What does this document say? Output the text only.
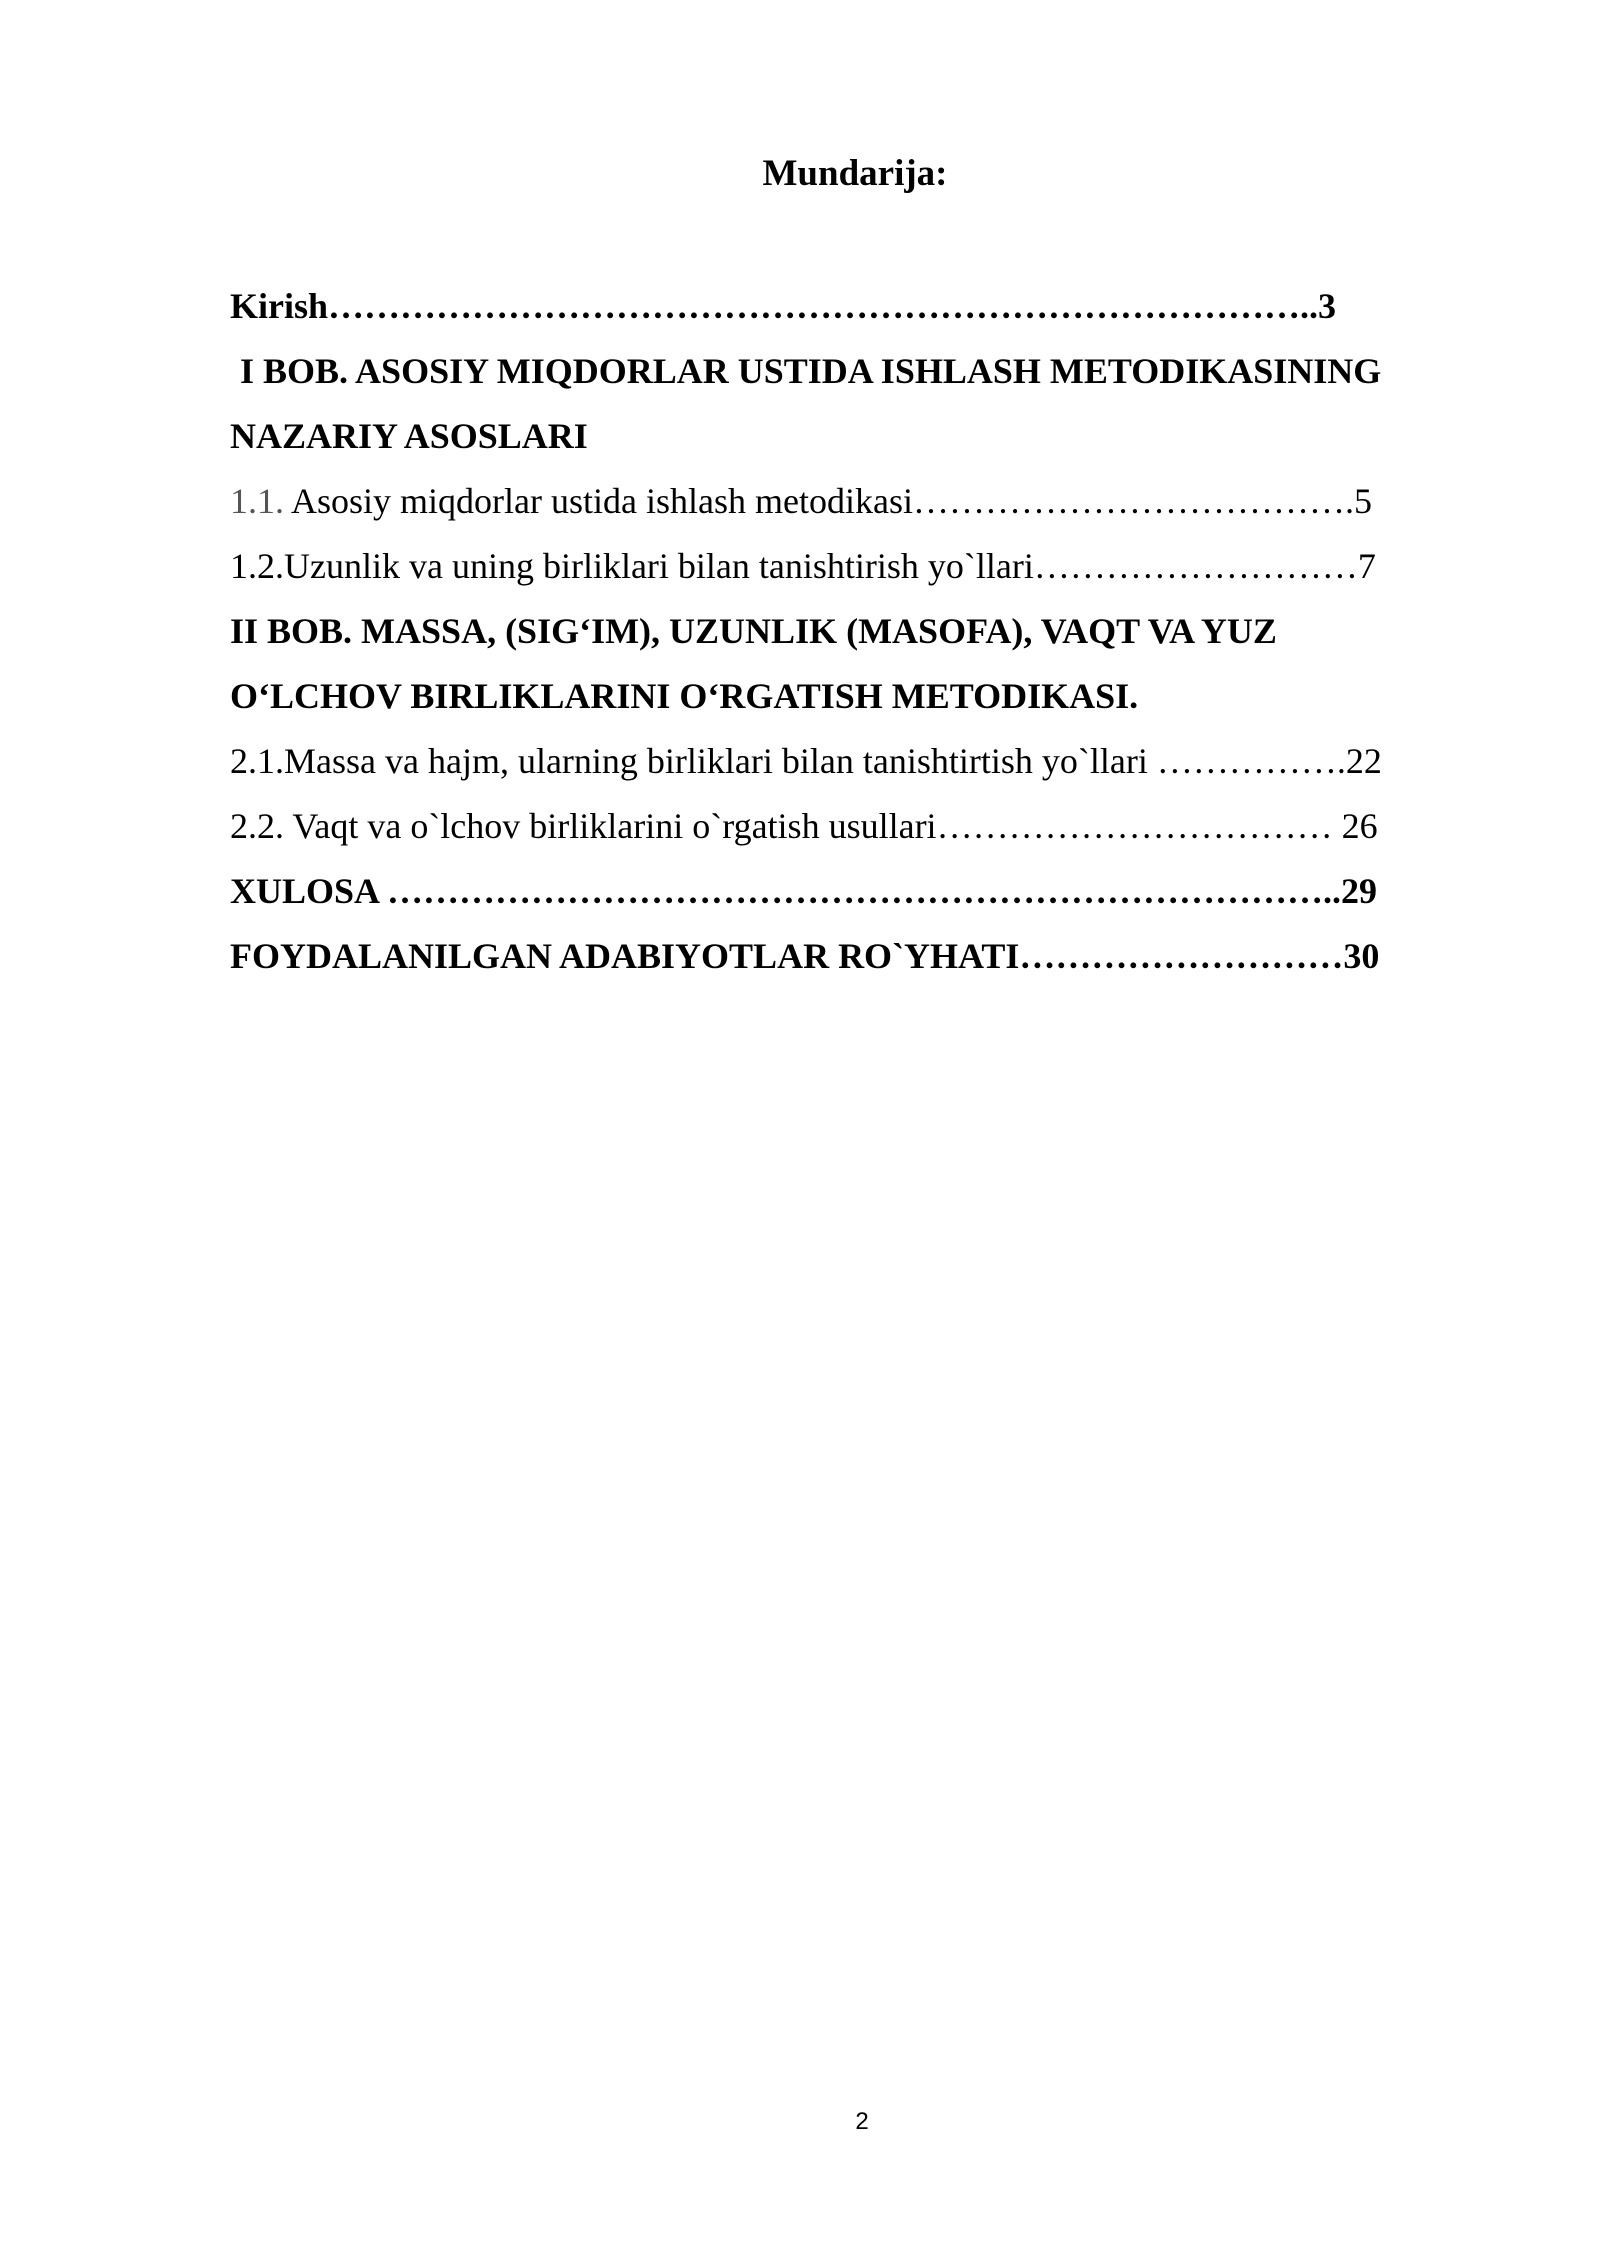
Mundarija:
Kirish………………………………………………………………………..3
I BOB. ASOSIY MIQDORLAR USTIDA ISHLASH METODIKASINING
NAZARIY ASOSLARI
1.1. Asosiy miqdorlar ustida ishlash metodikasi……………………………….5
1.2.Uzunlik va uning birliklari bilan tanishtirish yo`llari………………………7
II BOB. MASSA, (SIG‘IM), UZUNLIK (MASOFA), VAQT VA YUZ
O‘LCHOV BIRLIKLARINI O‘RGATISH METODIKASI.
2.1.Massa va hajm, ularning birliklari bilan tanishtirtish yo`llari …………….22
2.2. Vaqt va o`lchov birliklarini o`rgatish usullari…………………………… 26
XULOSA ……………………………………………………………………..29
FOYDALANILGAN ADABIYOTLAR RO`YHATI………………………30
2
